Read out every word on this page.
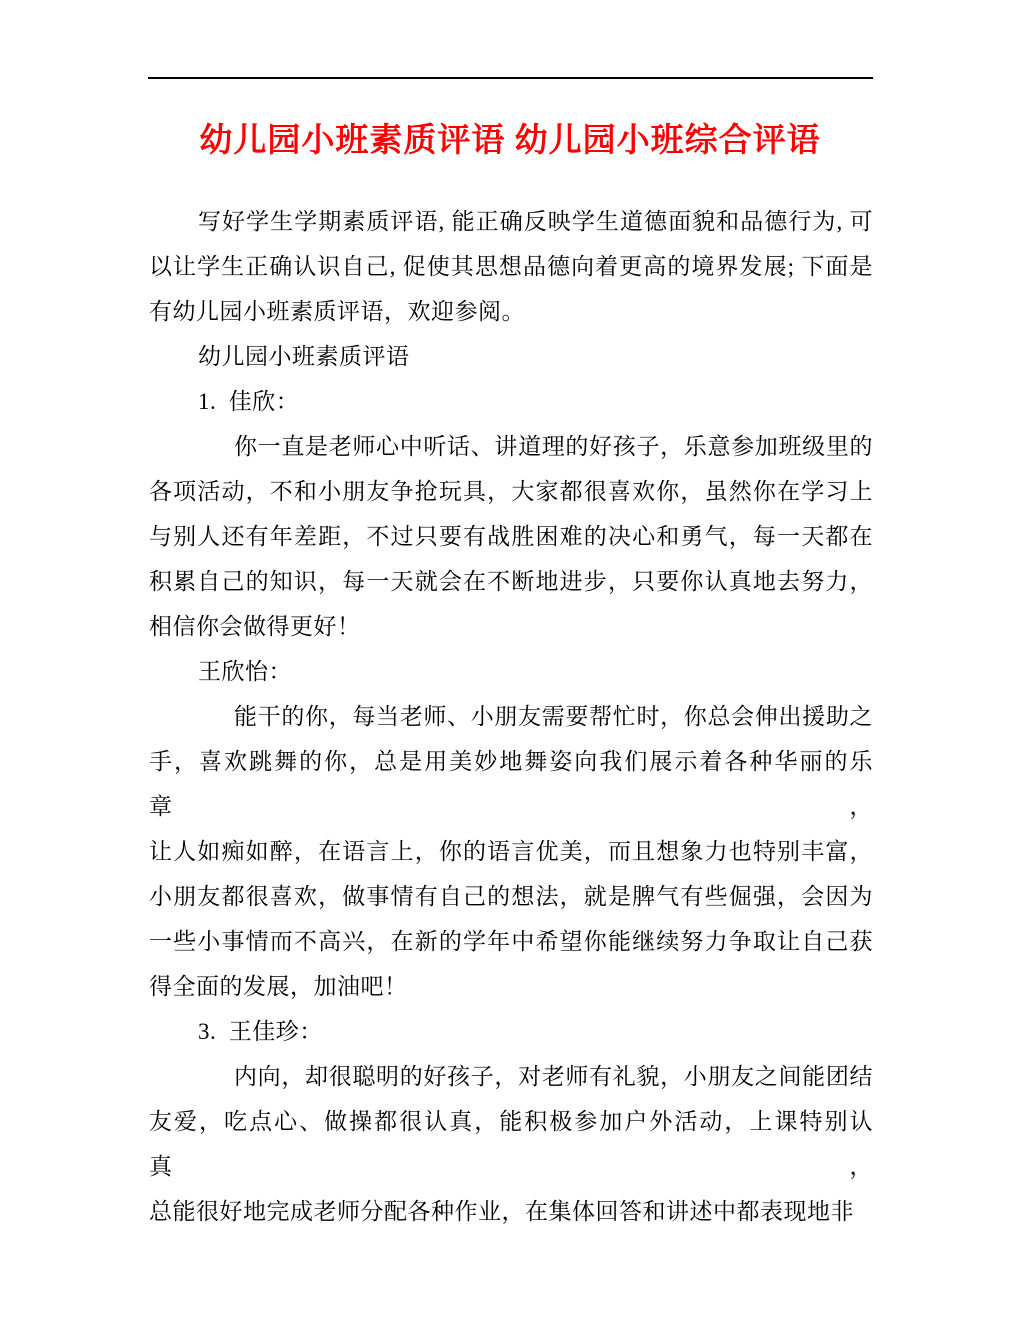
幼儿园小班素质评语 幼儿园小班综合评语
写好学生学期素质评语, 能正确反映学生道德面貌和品德行为, 可
以让学生正确认识自己, 促使其思想品德向着更高的境界发展; 下面是
有幼儿园小班素质评语，欢迎参阅。
幼儿园小班素质评语
1.  佳欣：
你一直是老师心中听话、讲道理的好孩子，乐意参加班级里的
各项活动，不和小朋友争抢玩具，大家都很喜欢你，虽然你在学习上
与别人还有年差距，不过只要有战胜困难的决心和勇气，每一天都在
积累自己的知识，每一天就会在不断地进步，只要你认真地去努力，
相信你会做得更好！
王欣怡：
能干的你，每当老师、小朋友需要帮忙时，你总会伸出援助之
手，喜欢跳舞的你，总是用美妙地舞姿向我们展示着各种华丽的乐章，
让人如痴如醉，在语言上，你的语言优美，而且想象力也特别丰富，
小朋友都很喜欢，做事情有自己的想法，就是脾气有些倔强，会因为
一些小事情而不高兴，在新的学年中希望你能继续努力争取让自己获
得全面的发展，加油吧！
3.  王佳珍：
内向，却很聪明的好孩子，对老师有礼貌，小朋友之间能团结
友爱，吃点心、做操都很认真，能积极参加户外活动，上课特别认真，
总能很好地完成老师分配各种作业，在集体回答和讲述中都表现地非
